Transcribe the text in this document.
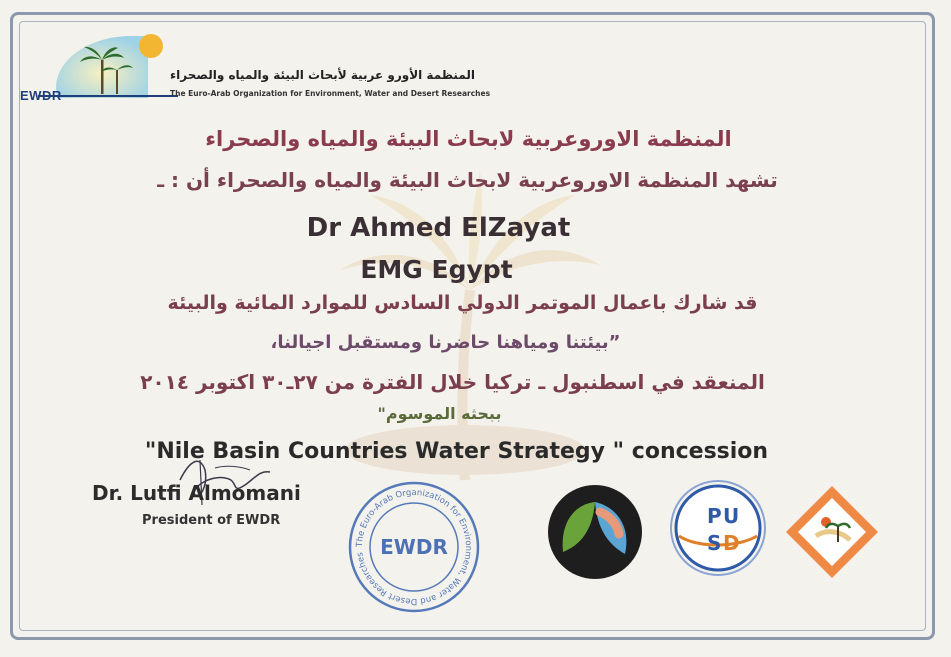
EWDR
المنظمة الأورو عربية لأبحاث البيئة والمياه والصحراء
The Euro-Arab Organization for Environment, Water and Desert Researches
المنظمة الاوروعربية لابحاث البيئة والمياه والصحراء
تشهد المنظمة الاوروعربية لابحاث البيئة والمياه والصحراء أن : ـ
Dr Ahmed ElZayat
EMG Egypt
قد شارك باعمال الموتمر الدولي السادس للموارد المائية والبيئة
”بيئتنا ومياهنا حاضرنا ومستقبل اجيالنا،
المنعقد في اسطنبول ـ تركيا خلال الفترة من ٢٧ـ٣٠ اكتوبر ٢٠١٤
ببحثه الموسوم"
"Nile Basin Countries Water Strategy " concession
Dr. Lutfi Almomani
President of EWDR
The Euro-Arab Organization for Environment, Water and Desert Researches EWDR
P U
S D
